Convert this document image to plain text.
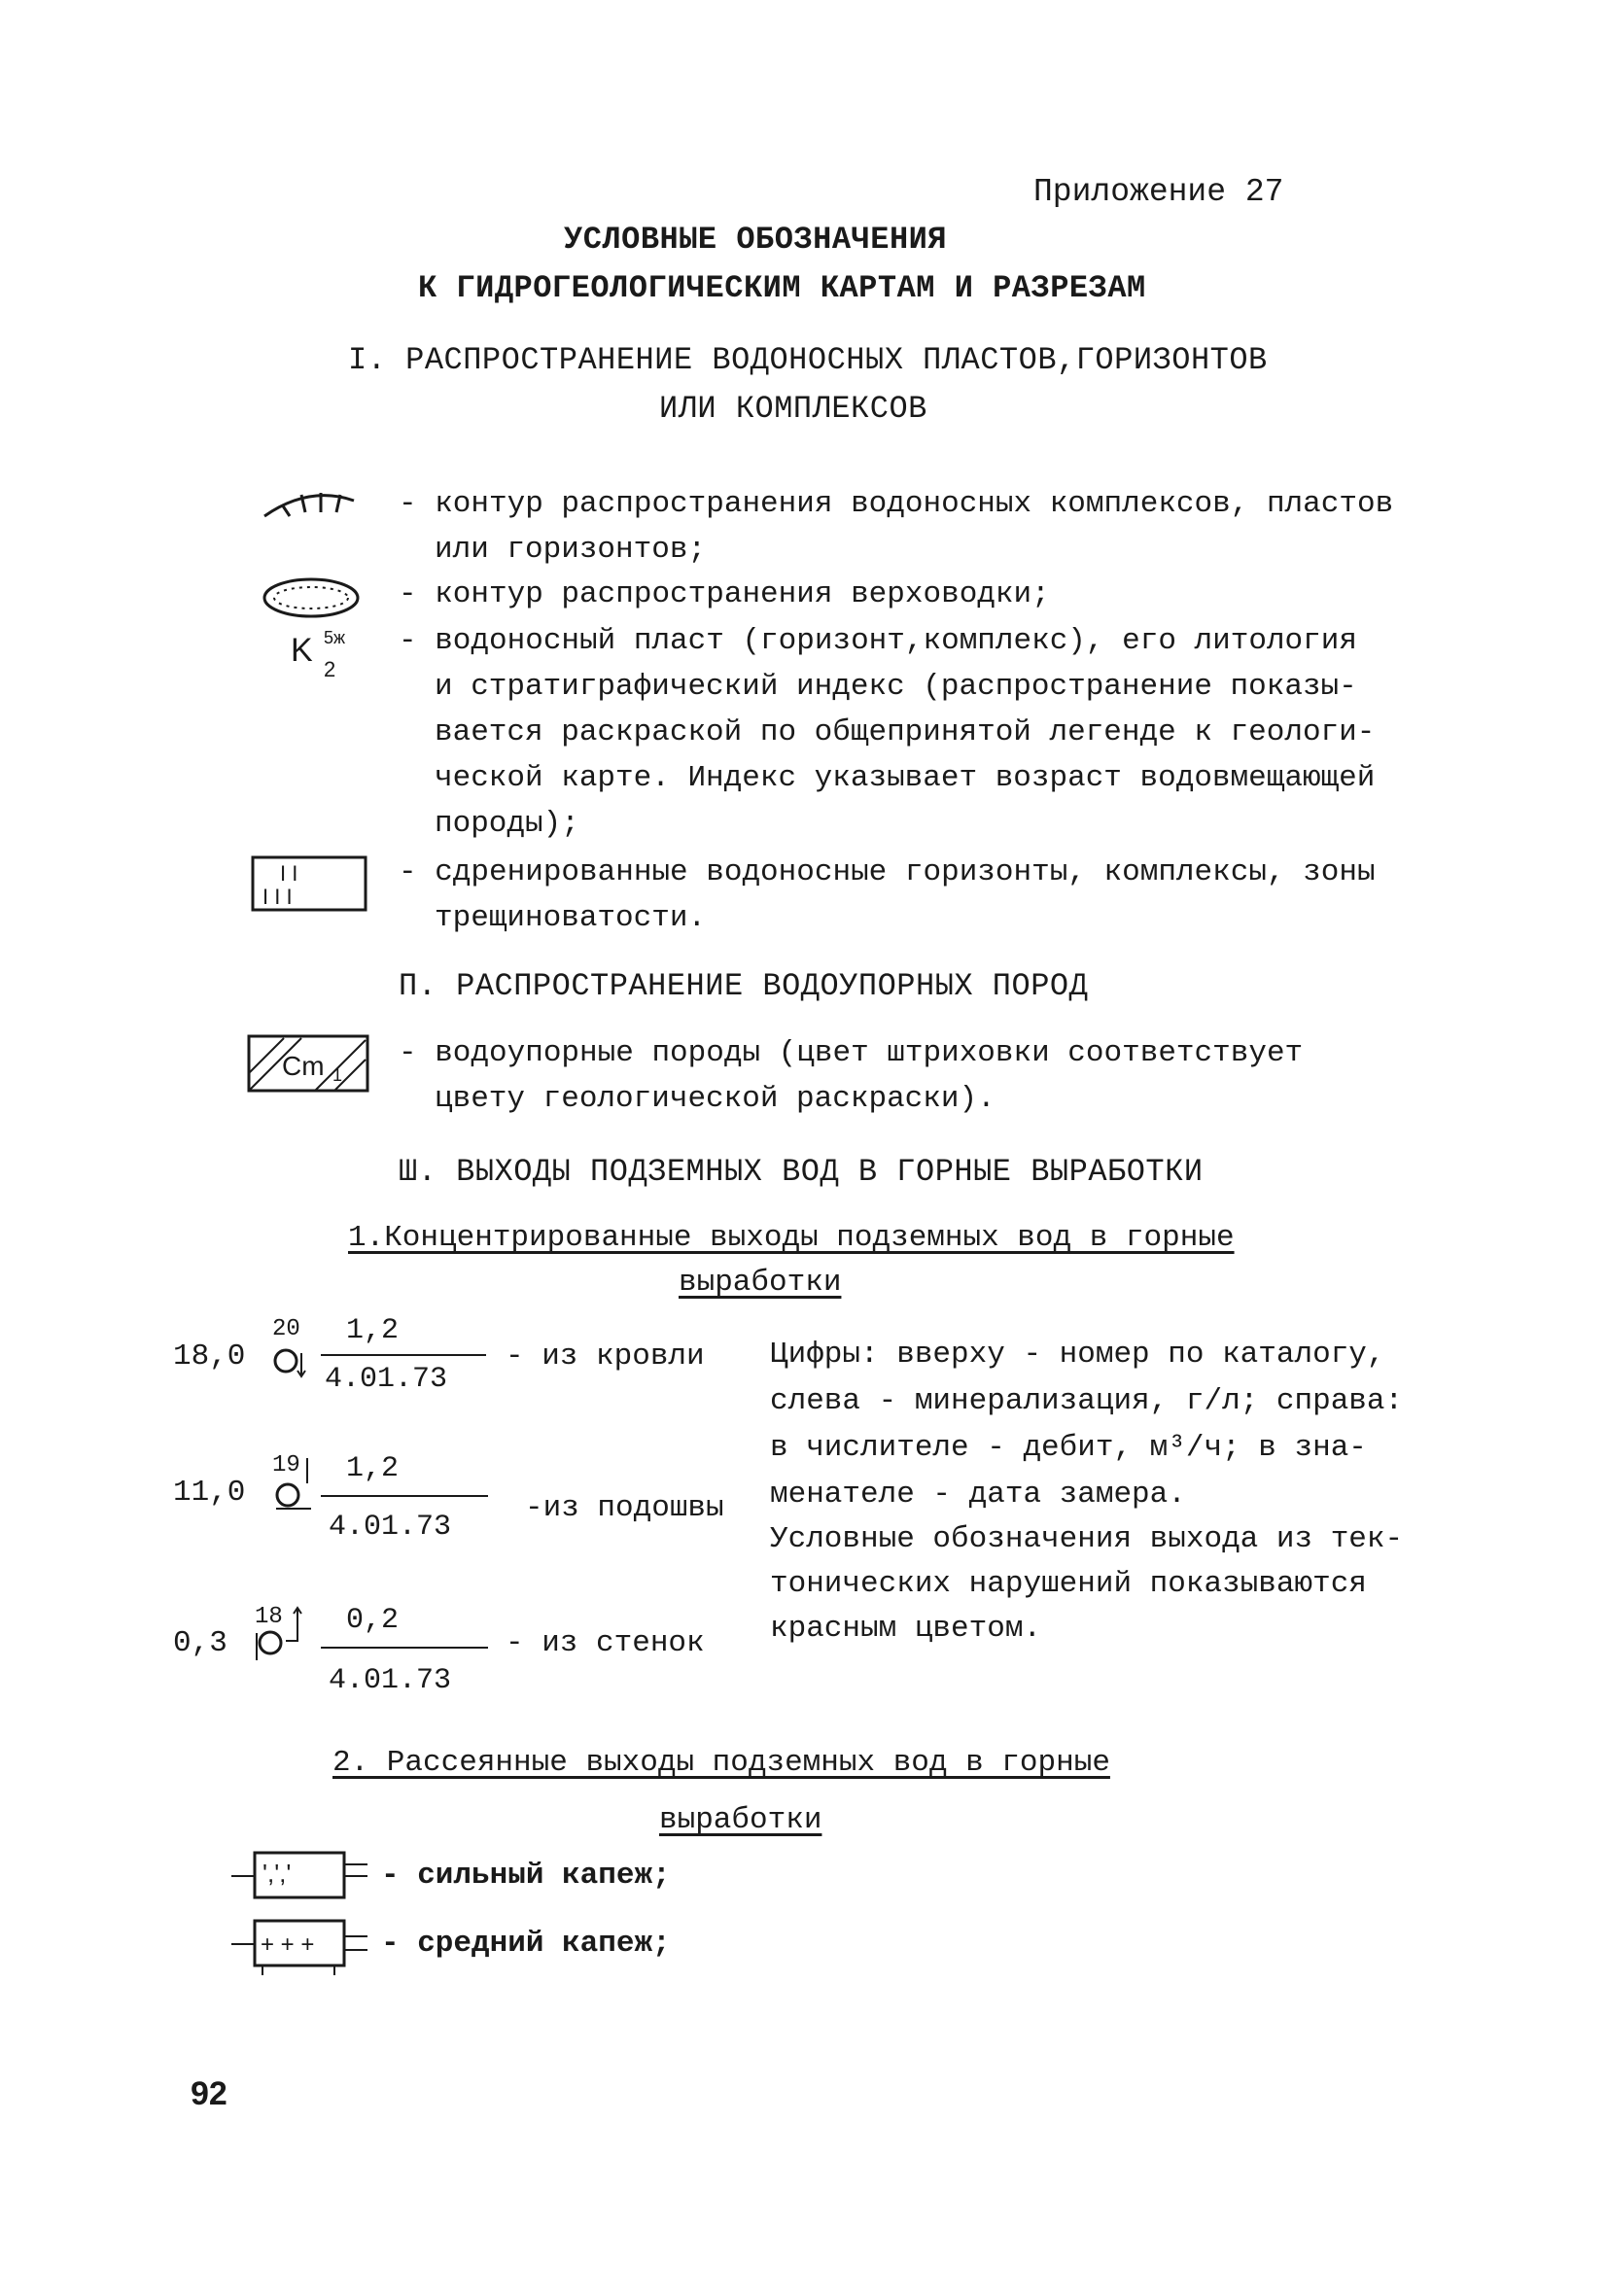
Приложение 27
УСЛОВНЫЕ ОБОЗНАЧЕНИЯ
К ГИДРОГЕОЛОГИЧЕСКИМ КАРТАМ И РАЗРЕЗАМ
I. РАСПРОСТРАНЕНИЕ ВОДОНОСНЫХ ПЛАСТОВ,ГОРИЗОНТОВ
ИЛИ КОМПЛЕКСОВ
- контур распространения водоносных комплексов, пластов
или горизонтов;
- контур распространения верховодки;
K
2
5ж - водоносный пласт (горизонт,комплекс), его литология
и стратиграфический индекс (распространение показы-
вается раскраской по общепринятой легенде к геологи-
ческой карте. Индекс указывает возраст водовмещающей
породы);
I I
I I I
- сдренированные водоносные горизонты, комплексы, зоны
трещиноватости.
П. РАСПРОСТРАНЕНИЕ ВОДОУПОРНЫХ ПОРОД
Cm 1
- водоупорные породы (цвет штриховки соответствует
цвету геологической раскраски).
Ш. ВЫХОДЫ ПОДЗЕМНЫХ ВОД В ГОРНЫЕ ВЫРАБОТКИ
1.Концентрированные выходы подземных вод в горные
выработки
18,0
20 1,2
4.01.73
- из кровли
11,0
19 1,2
4.01.73
-из подошвы
0,3
18 0,2
4.01.73
- из стенок
Цифры: вверху - номер по каталогу,
слева - минерализация, г/л; справа:
в числителе - дебит, м³/ч; в зна-
менателе - дата замера.
Условные обозначения выхода из тек-
тонических нарушений показываются
красным цветом.
2. Рассеянные выходы подземных вод в горные
выработки
',','	- сильный капеж;
+ + + - средний капеж;
92
